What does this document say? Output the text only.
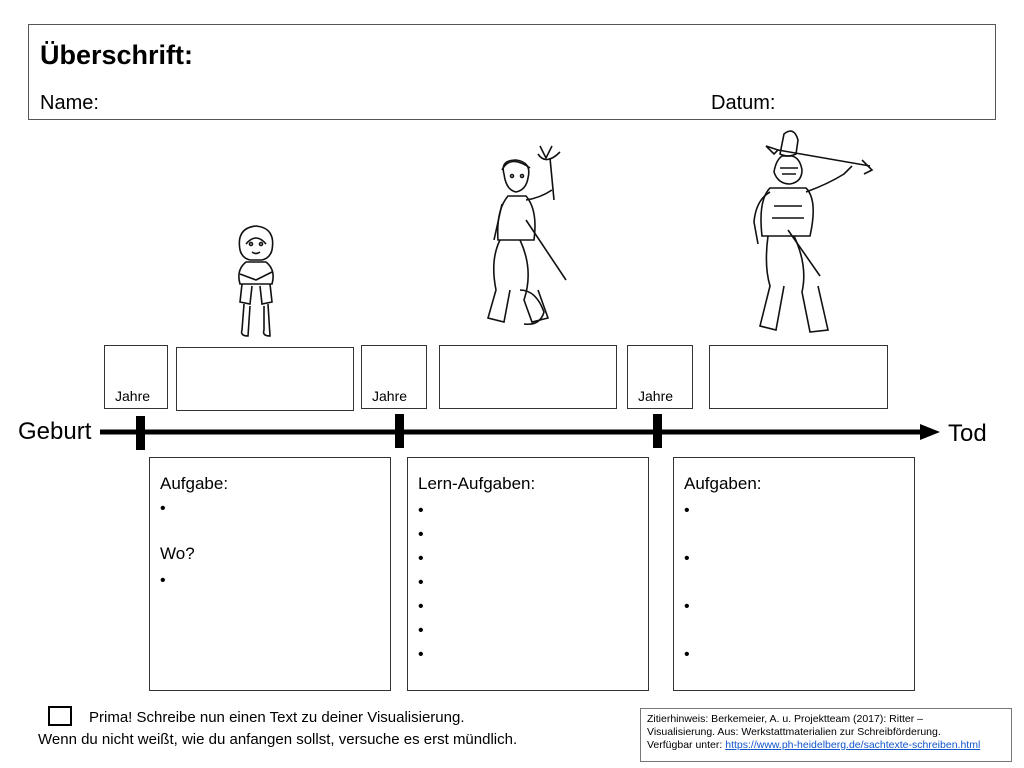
Überschrift:
Name:	Datum:
Jahre	Jahre	Jahre
Geburt	Tod
Aufgabe:
•
Wo?
•
Lern-Aufgaben:
•
•
•
•
•
•
•	Aufgaben:
•
•
•
•
Prima! Schreibe nun einen Text zu deiner Visualisierung.
Wenn du nicht weißt, wie du anfangen sollst, versuche es erst mündlich.
Zitierhinweis: Berkemeier, A. u. Projektteam (2017): Ritter –
Visualisierung. Aus: Werkstattmaterialien zur Schreibförderung.
Verfügbar unter: https://www.ph-heidelberg.de/sachtexte-schreiben.html
